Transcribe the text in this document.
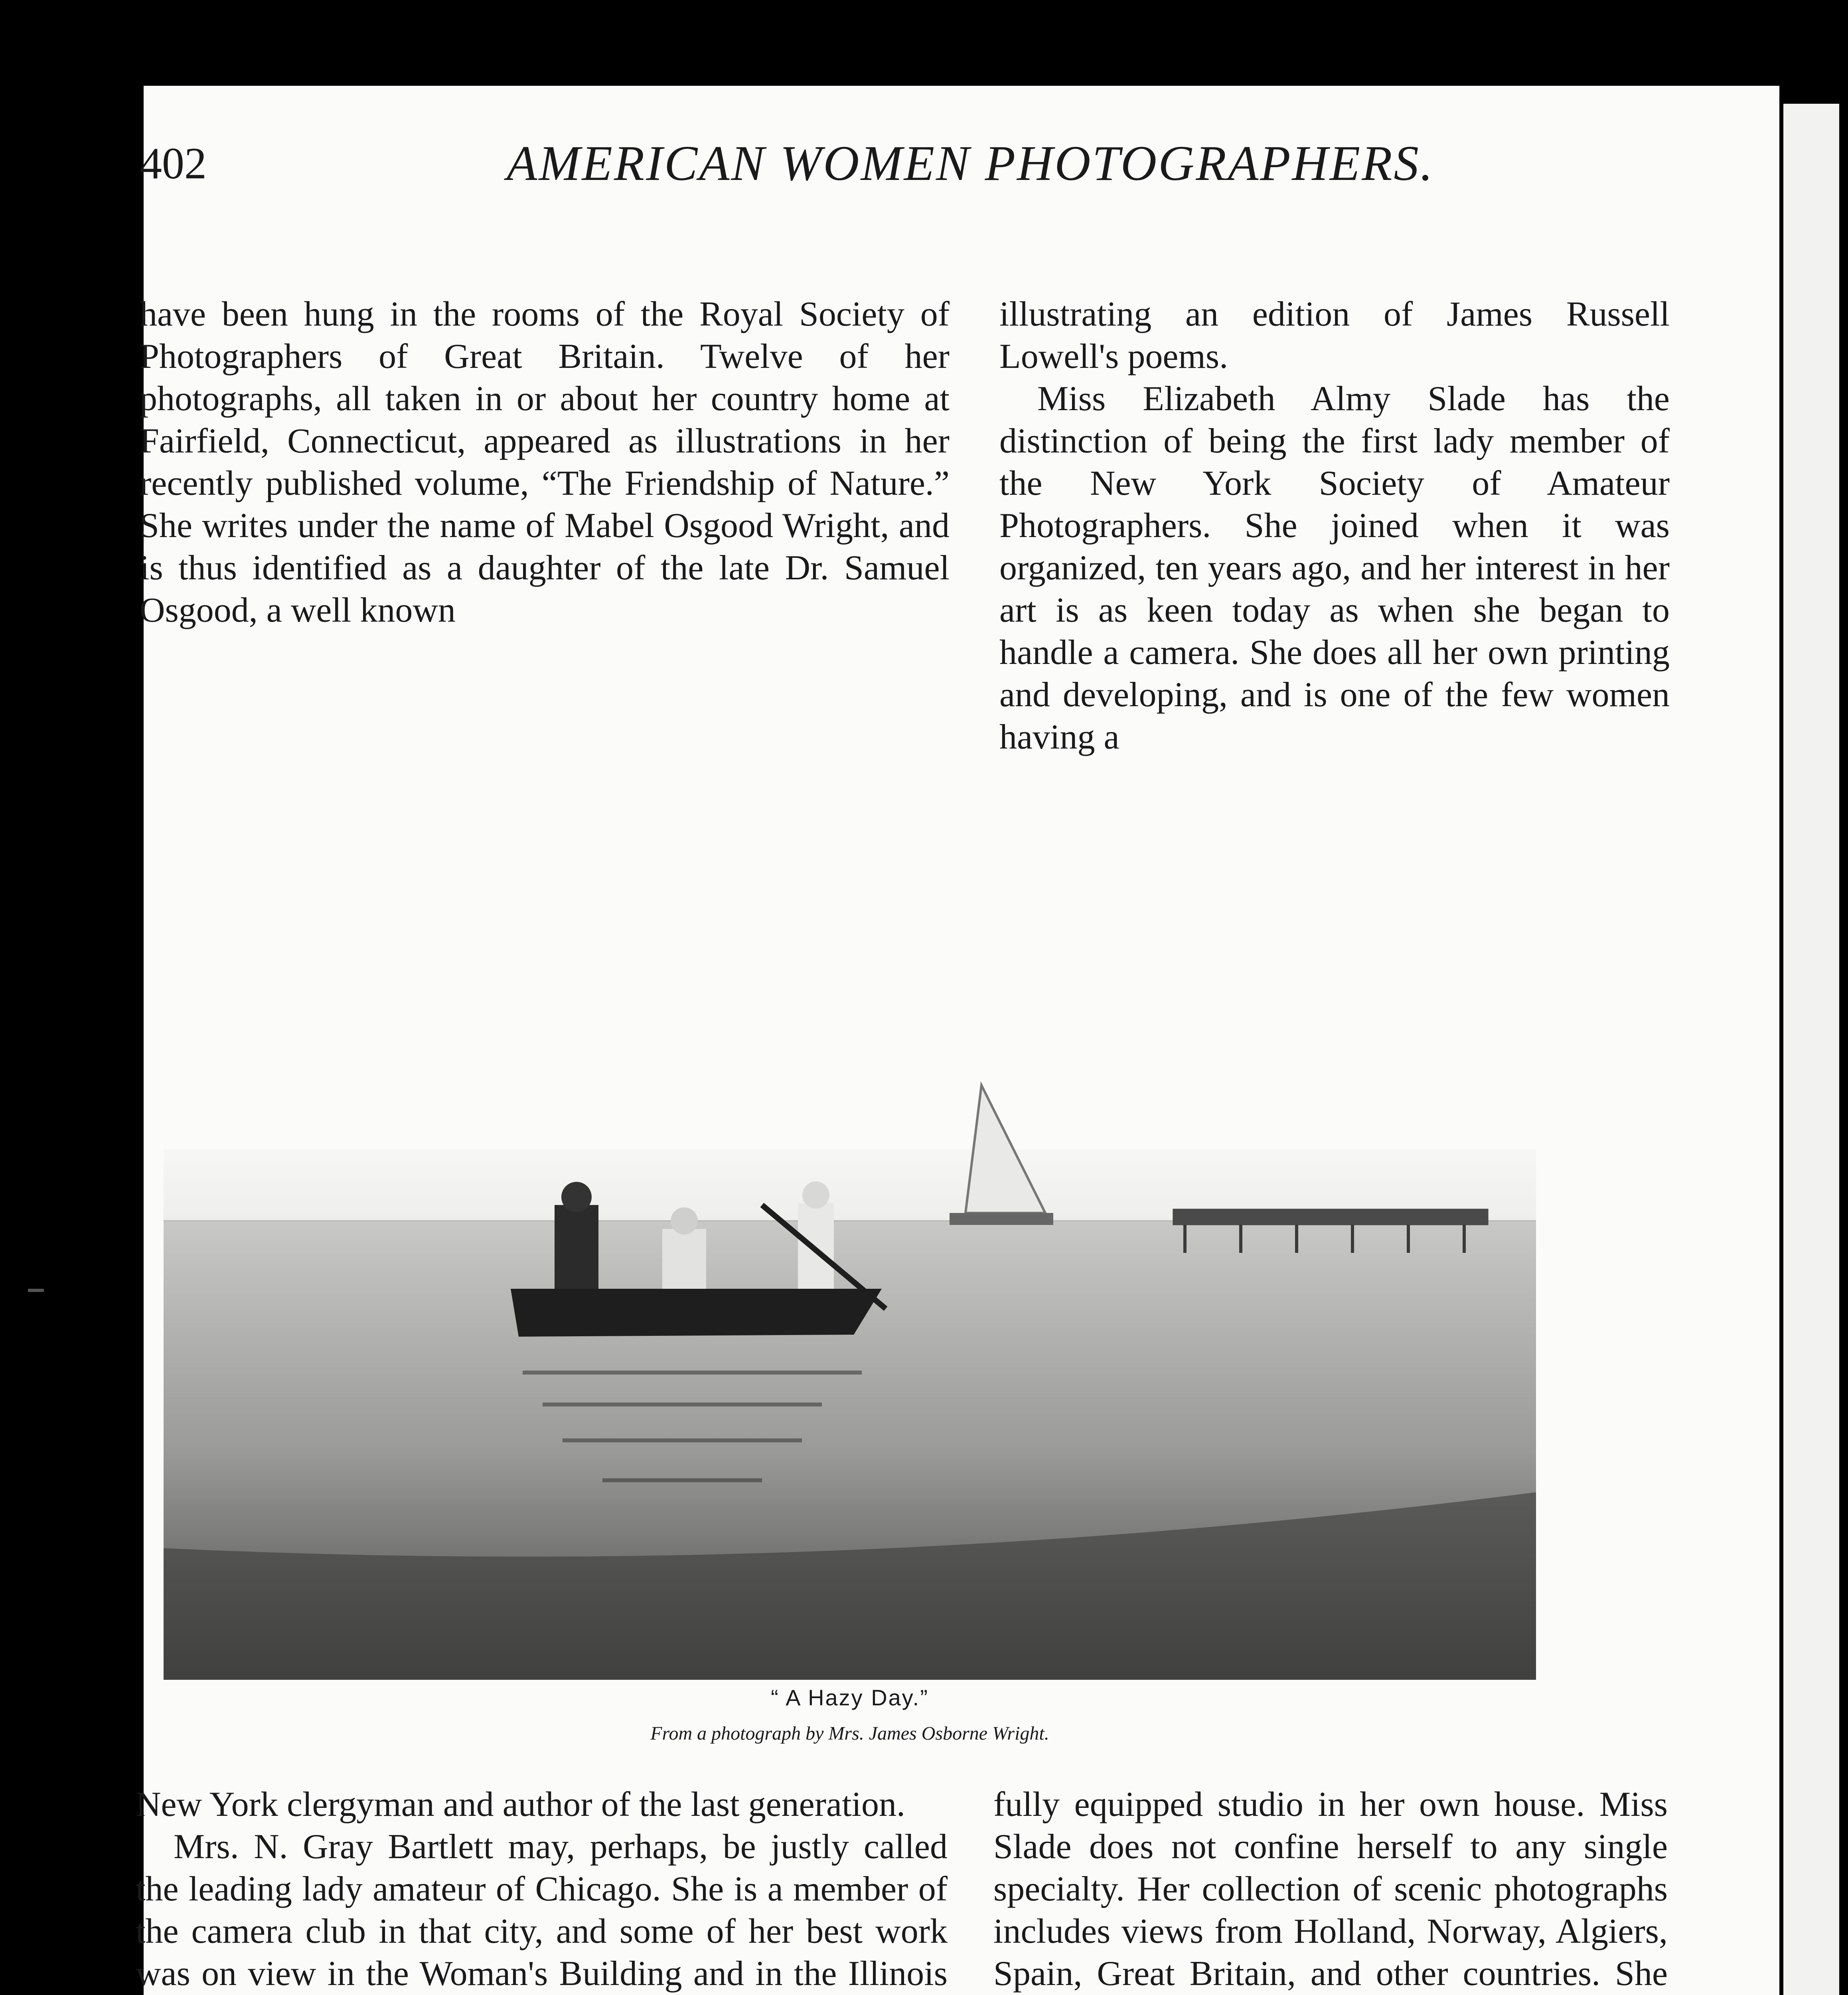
402	AMERICAN WOMEN PHOTOGRAPHERS.

have been hung in the rooms of the Royal Society of Photographers of Great Britain. Twelve of her photographs, all taken in or about her country home at Fairfield, Connecticut, appeared as illustrations in her recently published volume, “The Friendship of Nature.” She writes under the name of Mabel Osgood Wright, and is thus identified as a daughter of the late Dr. Samuel Osgood, a well known

illustrating an edition of James Russell Lowell's poems.

Miss Elizabeth Almy Slade has the distinction of being the first lady member of the New York Society of Amateur Photographers. She joined when it was organized, ten years ago, and her interest in her art is as keen today as when she began to handle a camera. She does all her own printing and developing, and is one of the few women having a

“ A Hazy Day.”
From a photograph by Mrs. James Osborne Wright.

New York clergyman and author of the last generation.

Mrs. N. Gray Bartlett may, perhaps, be justly called the leading lady amateur of Chicago. She is a member of the camera club in that city, and some of her best work was on view in the Woman's Building and in the Illinois

fully equipped studio in her own house. Miss Slade does not confine herself to any single specialty. Her collection of scenic photographs includes views from Holland, Norway, Algiers, Spain, Great Britain, and other countries. She
